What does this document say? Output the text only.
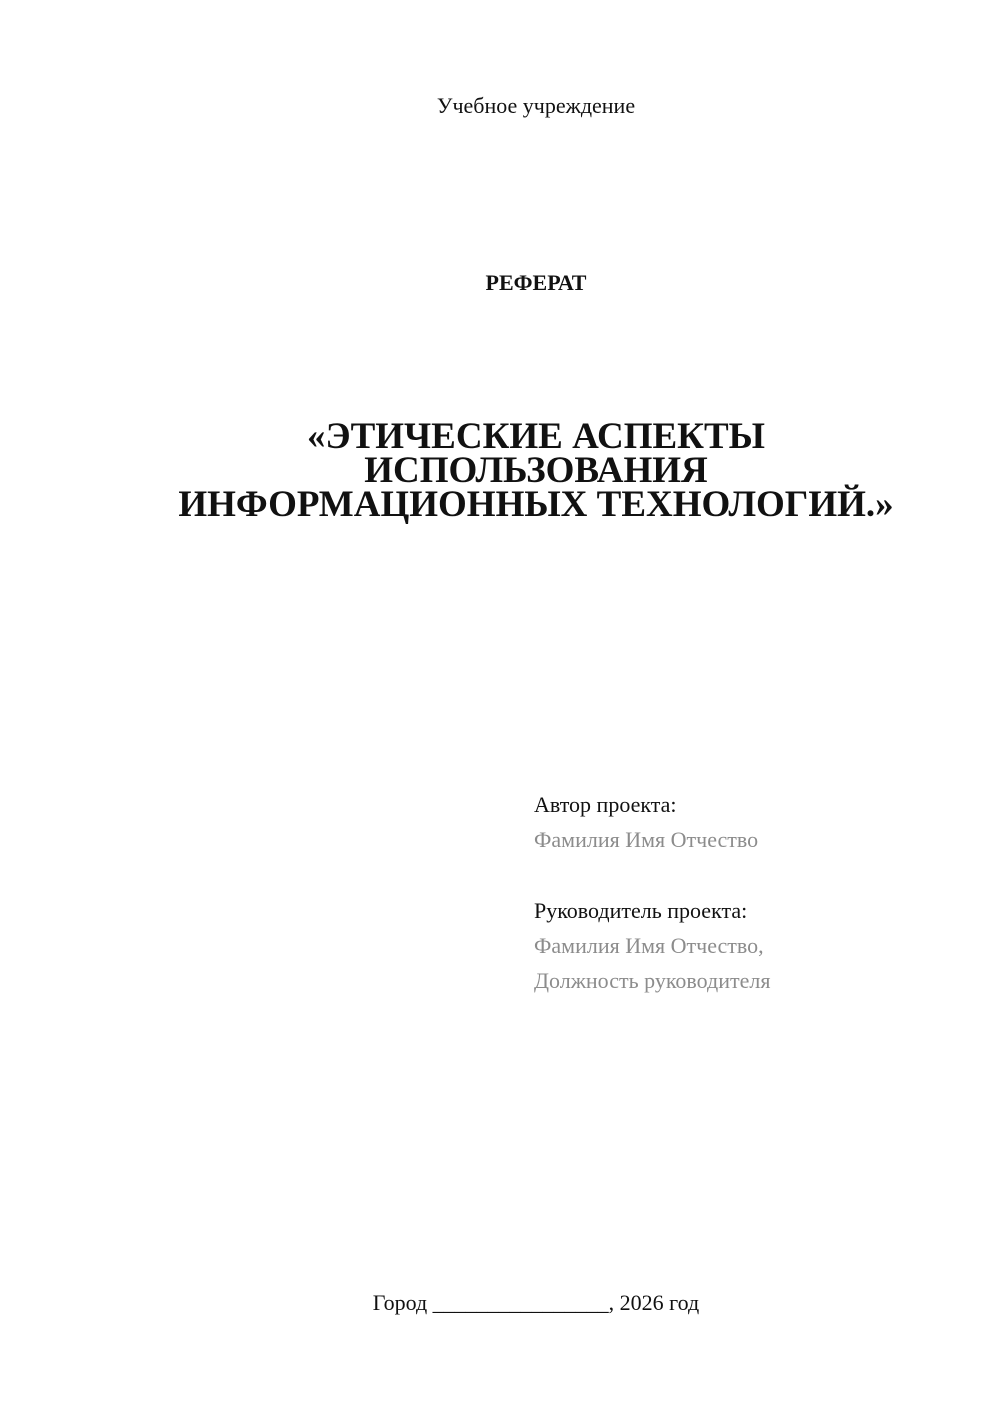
Учебное учреждение
РЕФЕРАТ
«ЭТИЧЕСКИЕ АСПЕКТЫ
ИСПОЛЬЗОВАНИЯ
ИНФОРМАЦИОННЫХ ТЕХНОЛОГИЙ.»
Автор проекта:
Фамилия Имя Отчество
Руководитель проекта:
Фамилия Имя Отчество,
Должность руководителя
Город ________________, 2026 год
